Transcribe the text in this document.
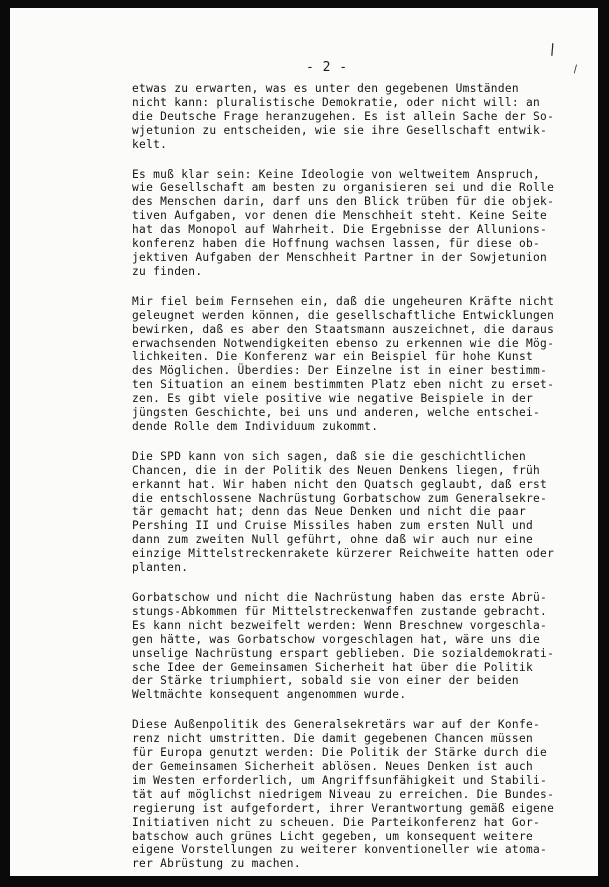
\
\
- 2 -
etwas zu erwarten, was es unter den gegebenen Umständen
nicht kann: pluralistische Demokratie, oder nicht will: an
die Deutsche Frage heranzugehen. Es ist allein Sache der So-
wjetunion zu entscheiden, wie sie ihre Gesellschaft entwik-
kelt.
Es muß klar sein: Keine Ideologie von weltweitem Anspruch,
wie Gesellschaft am besten zu organisieren sei und die Rolle
des Menschen darin, darf uns den Blick trüben für die objek-
tiven Aufgaben, vor denen die Menschheit steht. Keine Seite
hat das Monopol auf Wahrheit. Die Ergebnisse der Allunions-
konferenz haben die Hoffnung wachsen lassen, für diese ob-
jektiven Aufgaben der Menschheit Partner in der Sowjetunion
zu finden.
Mir fiel beim Fernsehen ein, daß die ungeheuren Kräfte nicht
geleugnet werden können, die gesellschaftliche Entwicklungen
bewirken, daß es aber den Staatsmann auszeichnet, die daraus
erwachsenden Notwendigkeiten ebenso zu erkennen wie die Mög-
lichkeiten. Die Konferenz war ein Beispiel für hohe Kunst
des Möglichen. Überdies: Der Einzelne ist in einer bestimm-
ten Situation an einem bestimmten Platz eben nicht zu erset-
zen. Es gibt viele positive wie negative Beispiele in der
jüngsten Geschichte, bei uns und anderen, welche entschei-
dende Rolle dem Individuum zukommt.
Die SPD kann von sich sagen, daß sie die geschichtlichen
Chancen, die in der Politik des Neuen Denkens liegen, früh
erkannt hat. Wir haben nicht den Quatsch geglaubt, daß erst
die entschlossene Nachrüstung Gorbatschow zum Generalsekre-
tär gemacht hat; denn das Neue Denken und nicht die paar
Pershing II und Cruise Missiles haben zum ersten Null und
dann zum zweiten Null geführt, ohne daß wir auch nur eine
einzige Mittelstreckenrakete kürzerer Reichweite hatten oder
planten.
Gorbatschow und nicht die Nachrüstung haben das erste Abrü-
stungs-Abkommen für Mittelstreckenwaffen zustande gebracht.
Es kann nicht bezweifelt werden: Wenn Breschnew vorgeschla-
gen hätte, was Gorbatschow vorgeschlagen hat, wäre uns die
unselige Nachrüstung erspart geblieben. Die sozialdemokrati-
sche Idee der Gemeinsamen Sicherheit hat über die Politik
der Stärke triumphiert, sobald sie von einer der beiden
Weltmächte konsequent angenommen wurde.
Diese Außenpolitik des Generalsekretärs war auf der Konfe-
renz nicht umstritten. Die damit gegebenen Chancen müssen
für Europa genutzt werden: Die Politik der Stärke durch die
der Gemeinsamen Sicherheit ablösen. Neues Denken ist auch
im Westen erforderlich, um Angriffsunfähigkeit und Stabili-
tät auf möglichst niedrigem Niveau zu erreichen. Die Bundes-
regierung ist aufgefordert, ihrer Verantwortung gemäß eigene
Initiativen nicht zu scheuen. Die Parteikonferenz hat Gor-
batschow auch grünes Licht gegeben, um konsequent weitere
eigene Vorstellungen zu weiterer konventioneller wie atoma-
rer Abrüstung zu machen.
